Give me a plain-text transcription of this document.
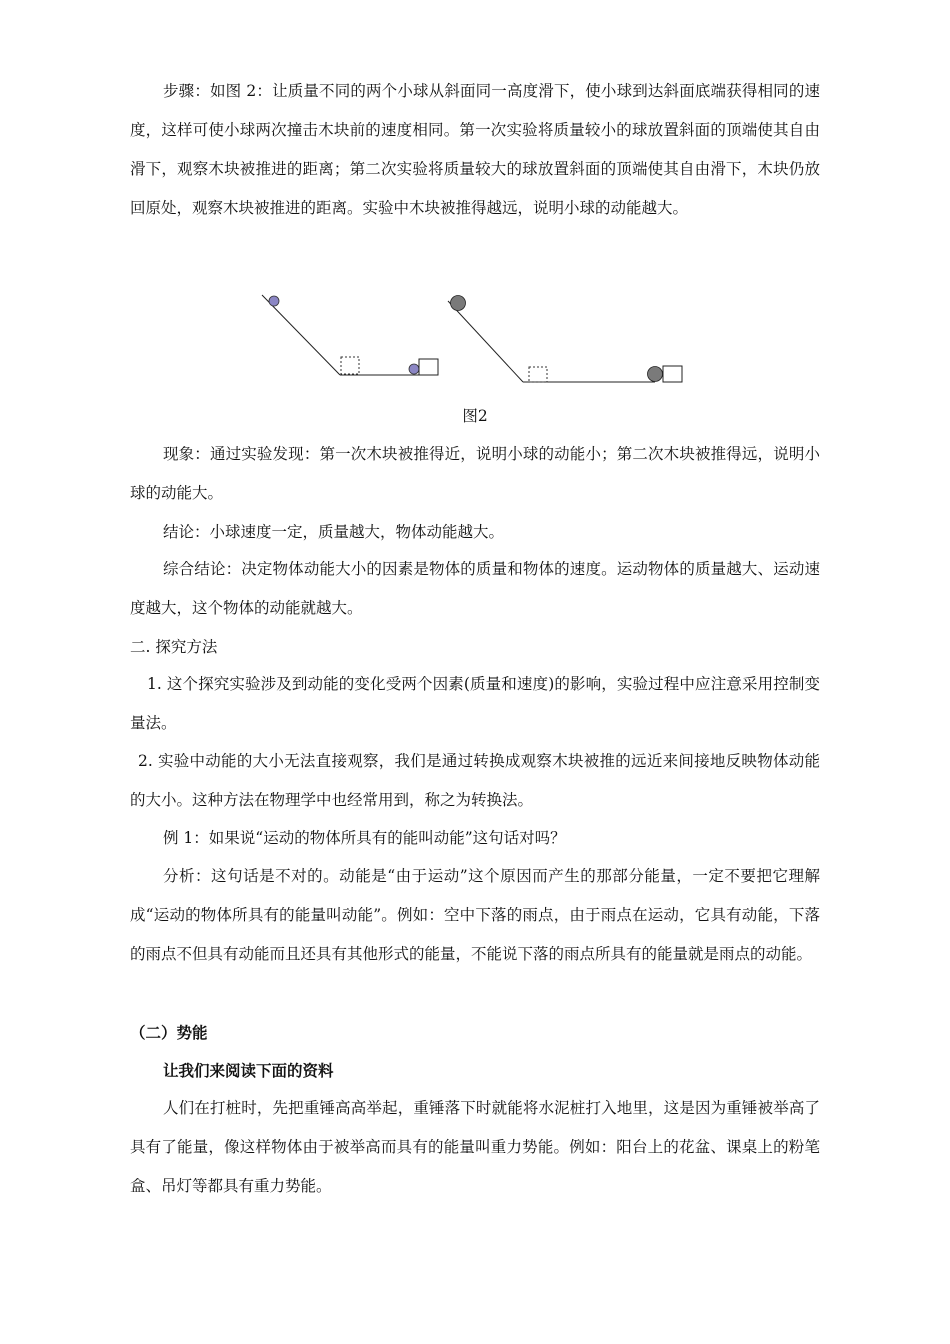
步骤：如图 2：让质量不同的两个小球从斜面同一高度滑下，使小球到达斜面底端获得相同的速度，这样可使小球两次撞击木块前的速度相同。第一次实验将质量较小的球放置斜面的顶端使其自由滑下，观察木块被推进的距离；第二次实验将质量较大的球放置斜面的顶端使其自由滑下，木块仍放回原处，观察木块被推进的距离。实验中木块被推得越远，说明小球的动能越大。

图2

现象：通过实验发现：第一次木块被推得近，说明小球的动能小；第二次木块被推得远，说明小球的动能大。

结论：小球速度一定，质量越大，物体动能越大。

综合结论：决定物体动能大小的因素是物体的质量和物体的速度。运动物体的质量越大、运动速度越大，这个物体的动能就越大。

二. 探究方法

1. 这个探究实验涉及到动能的变化受两个因素(质量和速度)的影响，实验过程中应注意采用控制变量法。

2. 实验中动能的大小无法直接观察，我们是通过转换成观察木块被推的远近来间接地反映物体动能的大小。这种方法在物理学中也经常用到，称之为转换法。

例 1：如果说“运动的物体所具有的能叫动能”这句话对吗？

分析：这句话是不对的。动能是“由于运动”这个原因而产生的那部分能量，一定不要把它理解成“运动的物体所具有的能量叫动能”。例如：空中下落的雨点，由于雨点在运动，它具有动能，下落的雨点不但具有动能而且还具有其他形式的能量，不能说下落的雨点所具有的能量就是雨点的动能。

（二）势能

让我们来阅读下面的资料

人们在打桩时，先把重锤高高举起，重锤落下时就能将水泥桩打入地里，这是因为重锤被举高了具有了能量，像这样物体由于被举高而具有的能量叫重力势能。例如：阳台上的花盆、课桌上的粉笔盒、吊灯等都具有重力势能。
